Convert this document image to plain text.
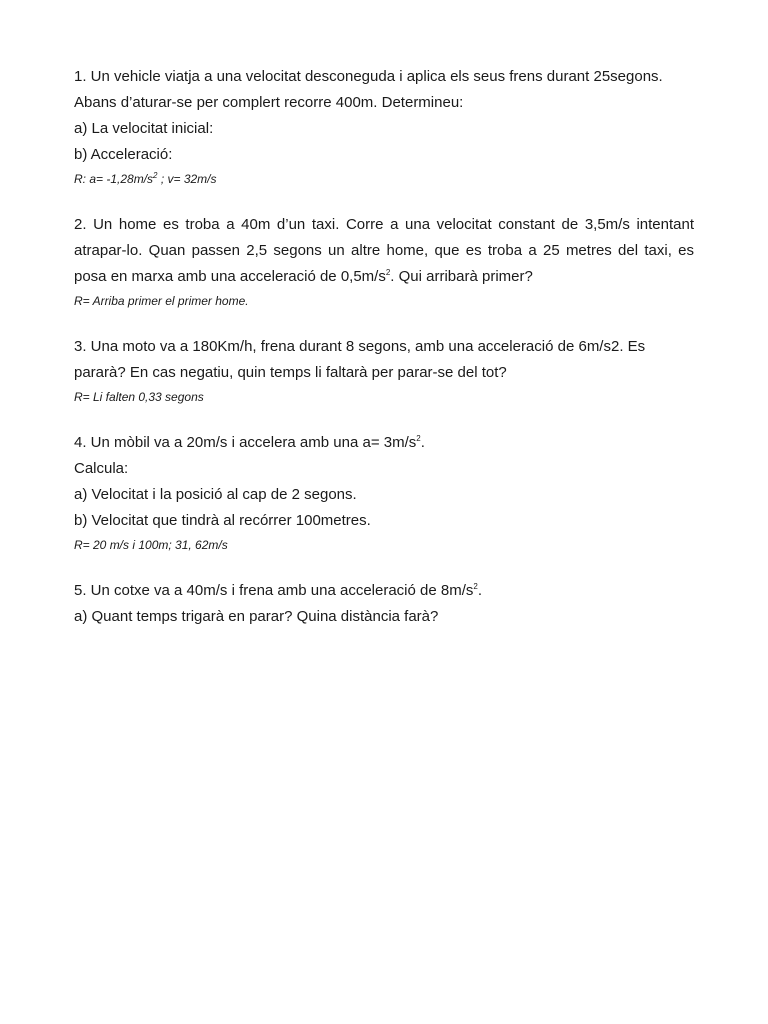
1. Un vehicle viatja a una velocitat desconeguda i aplica els seus frens durant 25segons.

Abans d’aturar-se per complert recorre 400m. Determineu:

a) La velocitat inicial:

b) Acceleració:

R: $a= -1,28m/s^2$ ; v= 32m/s

2. Un home es troba a 40m d’un taxi. Corre a una velocitat constant de 3,5m/s intentant

atrapar-lo. Quan passen 2,5 segons un altre home, que es troba a 25 metres del taxi, es

posa en marxa amb una acceleració de $0,5m/s^2$. Qui arribarà primer?

R= Arriba primer el primer home.

3. Una moto va a 180Km/h, frena durant 8 segons, amb una acceleració de 6m/s2. Es

pararà? En cas negatiu, quin temps li faltarà per parar-se del tot?

R= Li falten 0,33 segons

4. Un mòbil va a 20m/s i accelera amb una $a= 3m/s^2$.

Calcula:

a) Velocitat i la posició al cap de 2 segons.

b) Velocitat que tindrà al recórrer 100metres.

R= 20 m/s i 100m; 31, 62m/s

5. Un cotxe va a 40m/s i frena amb una acceleració de $8m/s^2$.

a) Quant temps trigarà en parar? Quina distància farà?
